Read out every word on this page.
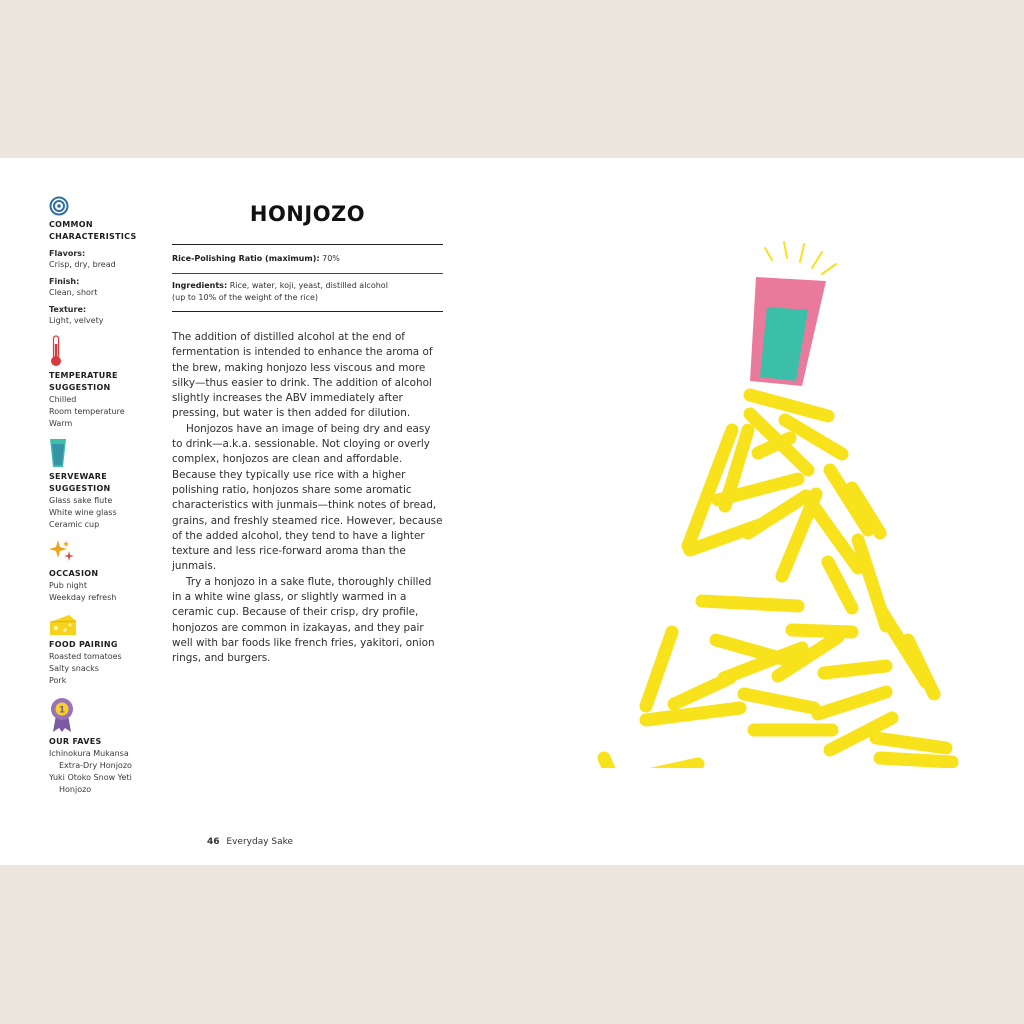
COMMON
CHARACTERISTICS
Flavors:
Crisp, dry, bread
Finish:
Clean, short
Texture:
Light, velvety
TEMPERATURE
SUGGESTION
Chilled
Room temperature
Warm
SERVEWARE
SUGGESTION
Glass sake flute
White wine glass
Ceramic cup
OCCASION
Pub night
Weekday refresh
FOOD PAIRING
Roasted tomatoes
Salty snacks
Pork
1
OUR FAVES
Ichinokura Mukansa
Extra-Dry Honjozo
Yuki Otoko Snow Yeti
Honjozo
HONJOZO
Rice-Polishing Ratio (maximum): 70%
Ingredients: Rice, water, koji, yeast, distilled alcohol
(up to 10% of the weight of the rice)

The addition of distilled alcohol at the end of fermentation is intended to enhance the aroma of the brew, making honjozo less viscous and more silky—thus easier to drink. The addition of alcohol slightly increases the ABV immediately after pressing, but water is then added for dilution.

Honjozos have an image of being dry and easy to drink—a.k.a. sessionable. Not cloying or overly complex, honjozos are clean and affordable. Because they typically use rice with a higher polishing ratio, honjozos share some aromatic characteristics with junmais—think notes of bread, grains, and freshly steamed rice. However, because of the added alcohol, they tend to have a lighter texture and less rice-forward aroma than the junmais.

Try a honjozo in a sake flute, thoroughly chilled in a white wine glass, or slightly warmed in a ceramic cup. Because of their crisp, dry profile, honjozos are common in izakayas, and they pair well with bar foods like french fries, yakitori, onion rings, and burgers.

46 Everyday Sake
